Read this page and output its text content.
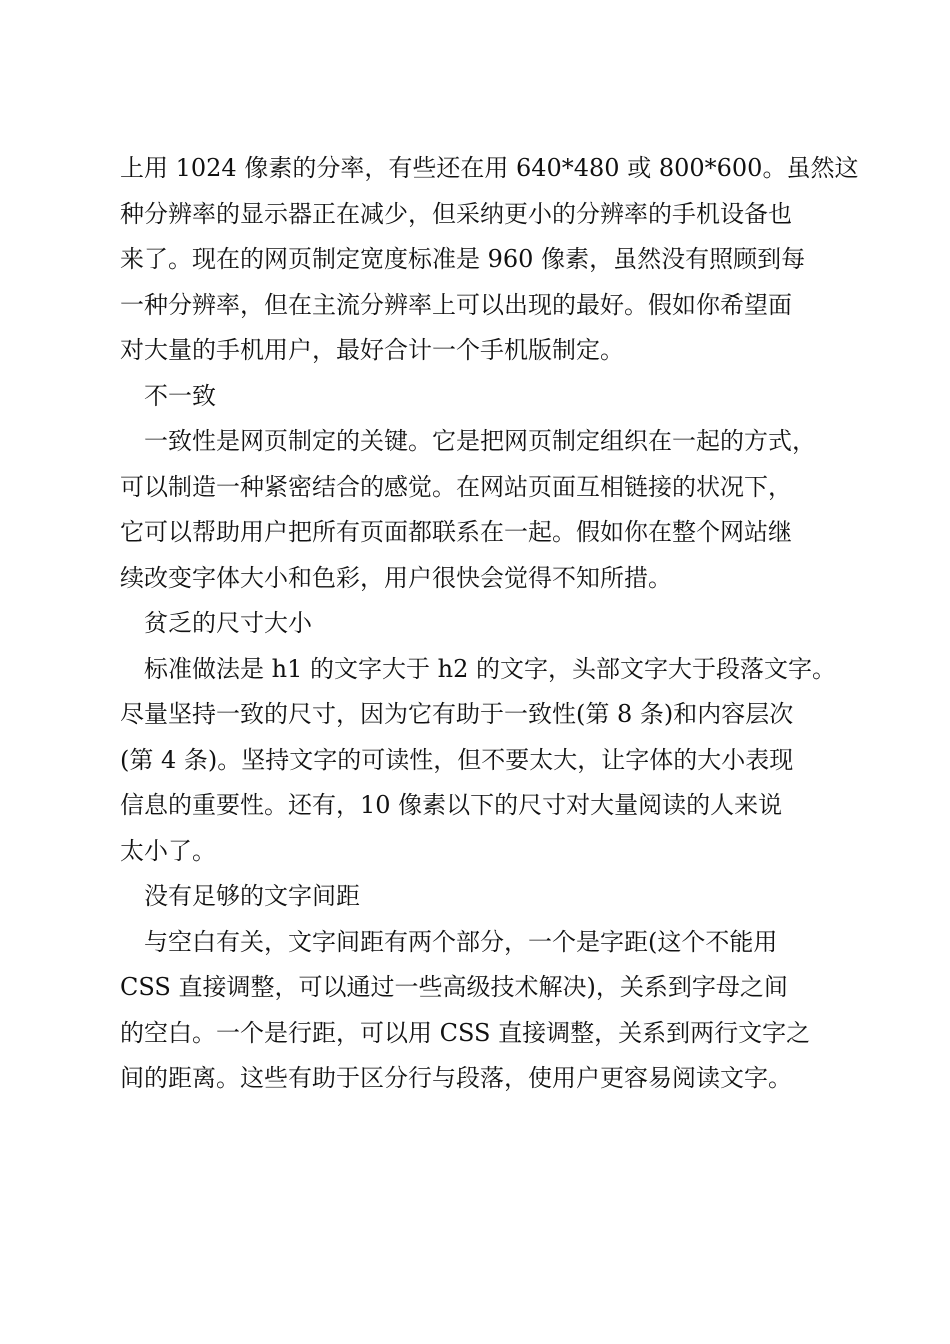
上用 1024 像素的分率，有些还在用 640*480 或 800*600。虽然这
种分辨率的显示器正在减少，但采纳更小的分辨率的手机设备也
来了。现在的网页制定宽度标准是 960 像素，虽然没有照顾到每
一种分辨率，但在主流分辨率上可以出现的最好。假如你希望面
对大量的手机用户，最好合计一个手机版制定。
不一致
一致性是网页制定的关键。它是把网页制定组织在一起的方式，
可以制造一种紧密结合的感觉。在网站页面互相链接的状况下，
它可以帮助用户把所有页面都联系在一起。假如你在整个网站继
续改变字体大小和色彩，用户很快会觉得不知所措。
贫乏的尺寸大小
标准做法是 h1 的文字大于 h2 的文字，头部文字大于段落文字。
尽量坚持一致的尺寸，因为它有助于一致性(第 8 条)和内容层次
(第 4 条)。坚持文字的可读性，但不要太大，让字体的大小表现
信息的重要性。还有，10 像素以下的尺寸对大量阅读的人来说
太小了。
没有足够的文字间距
与空白有关，文字间距有两个部分，一个是字距(这个不能用
CSS 直接调整，可以通过一些高级技术解决)，关系到字母之间
的空白。一个是行距，可以用 CSS 直接调整，关系到两行文字之
间的距离。这些有助于区分行与段落，使用户更容易阅读文字。
